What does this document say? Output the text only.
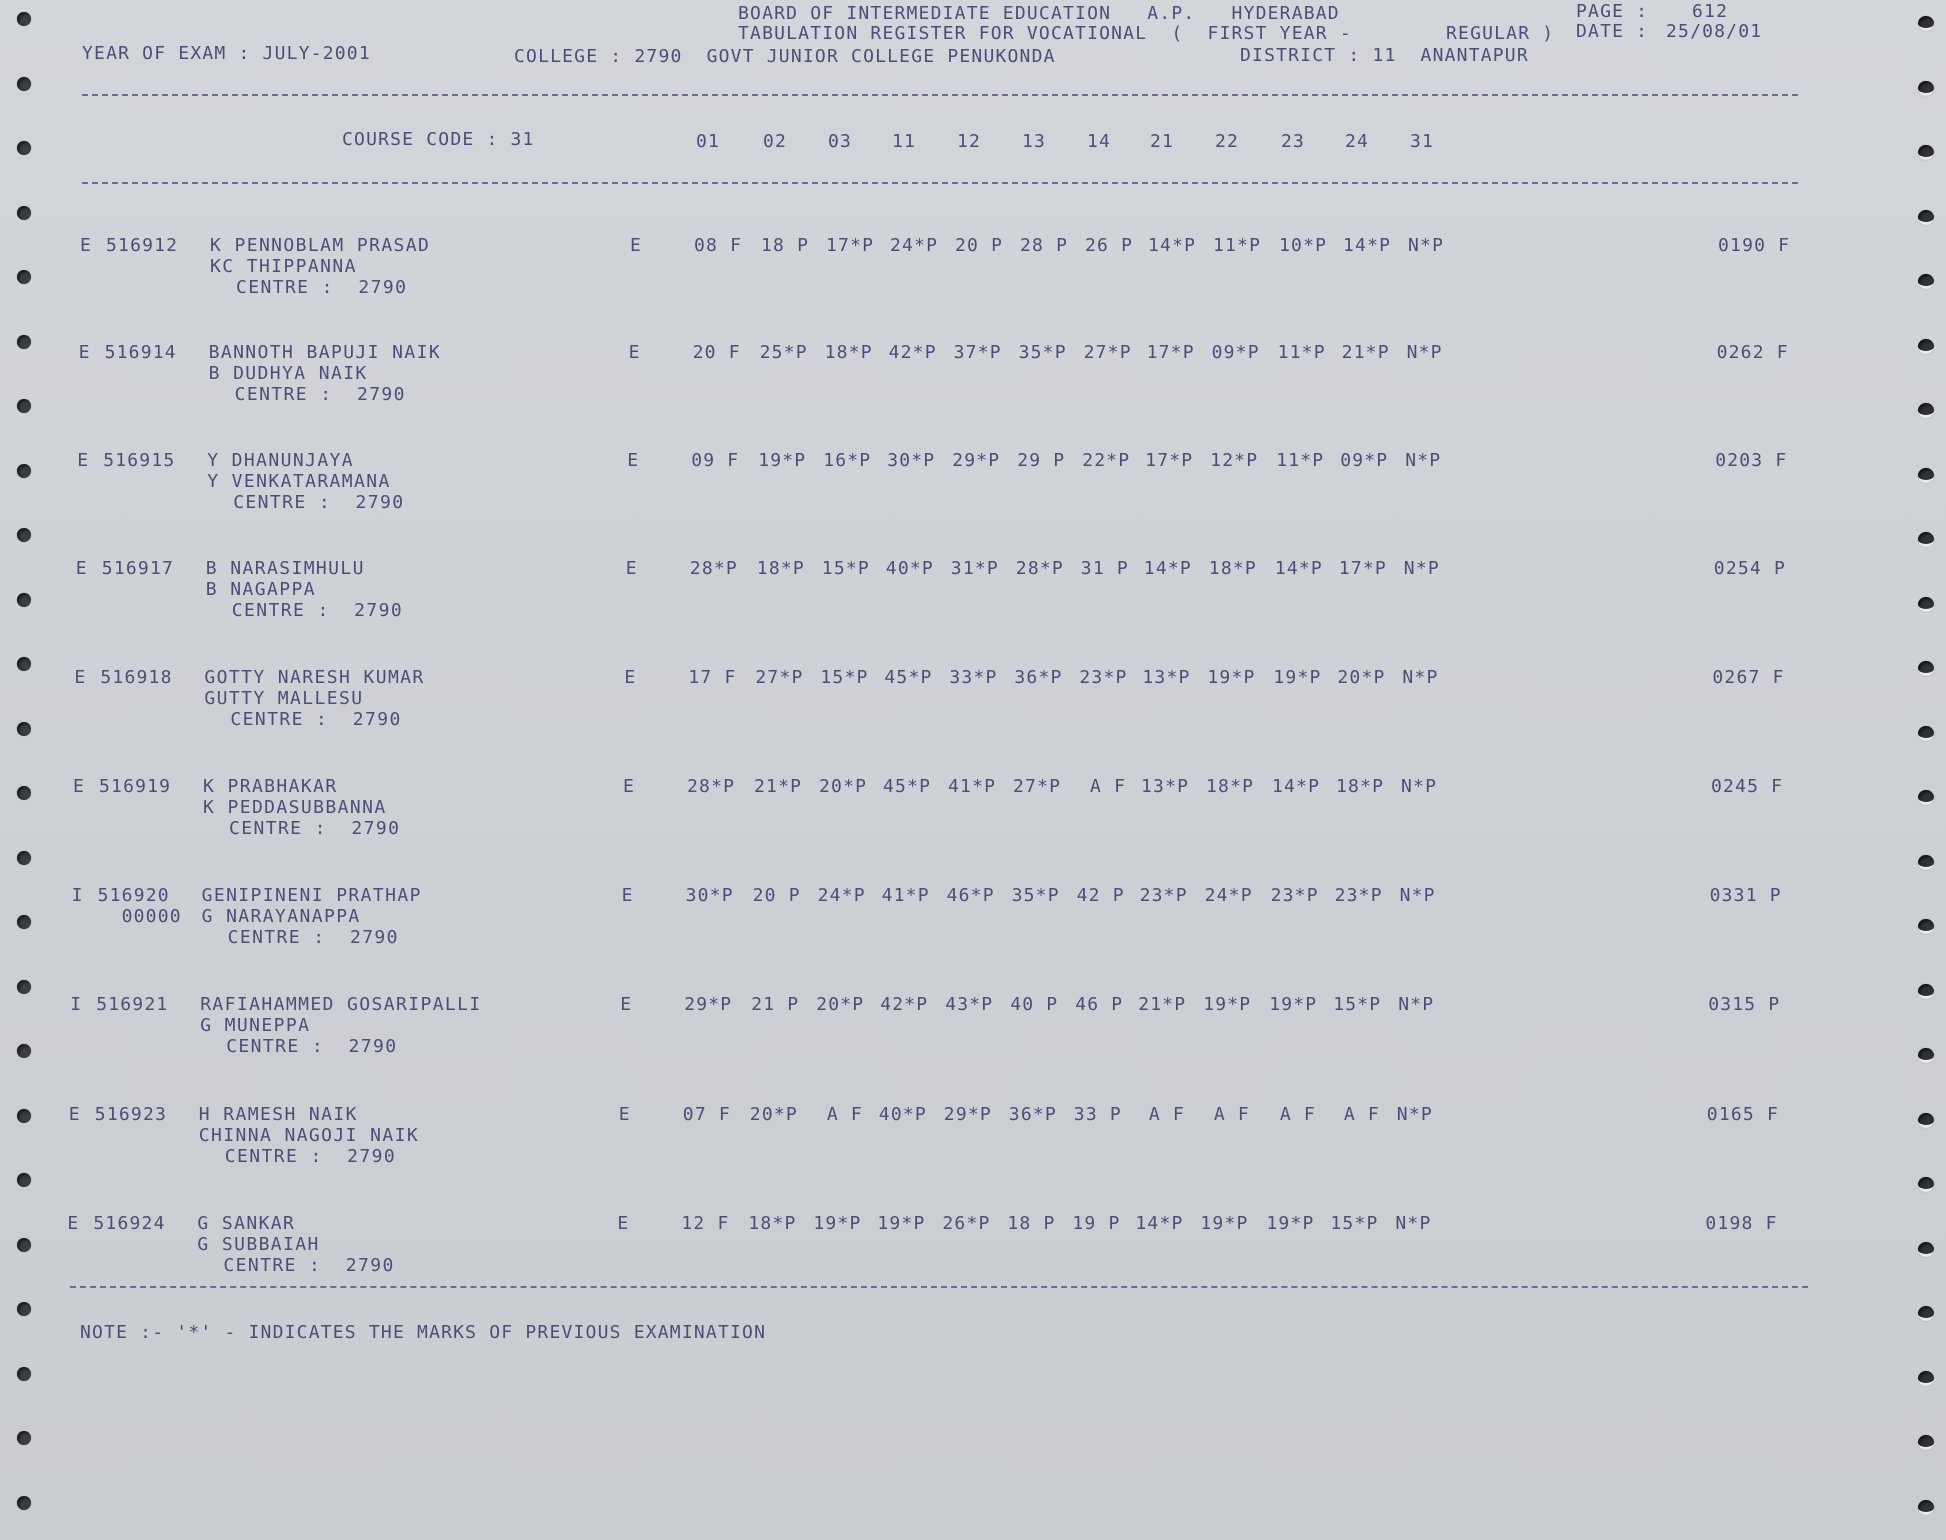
BOARD OF INTERMEDIATE EDUCATION   A.P.   HYDERABAD
TABULATION REGISTER FOR VOCATIONAL  (  FIRST YEAR -	REGULAR )
PAGE : 612
DATE : 25/08/01
YEAR OF EXAM : JULY-2001	COLLEGE : 2790  GOVT JUNIOR COLLEGE PENUKONDA	DISTRICT : 11  ANANTAPUR
COURSE CODE : 31	01 02 03 11 12 13 14 21 22 23 24 31
E 516912 K PENNOBLAM PRASAD
KC THIPPANNA
CENTRE :  2790
E	08 F 18 P 17*P 24*P 20 P 28 P 26 P 14*P 11*P 10*P 14*P N*P	0190 F
E 516914 BANNOTH BAPUJI NAIK
B DUDHYA NAIK
CENTRE :  2790
E	20 F 25*P 18*P 42*P 37*P 35*P 27*P 17*P 09*P 11*P 21*P N*P	0262 F
E 516915 Y DHANUNJAYA
Y VENKATARAMANA
CENTRE :  2790
E	09 F 19*P 16*P 30*P 29*P 29 P 22*P 17*P 12*P 11*P 09*P N*P	0203 F
E 516917 B NARASIMHULU
B NAGAPPA
CENTRE :  2790
E	28*P 18*P 15*P 40*P 31*P 28*P 31 P 14*P 18*P 14*P 17*P N*P	0254 P
E 516918 GOTTY NARESH KUMAR
GUTTY MALLESU
CENTRE :  2790
E	17 F 27*P 15*P 45*P 33*P 36*P 23*P 13*P 19*P 19*P 20*P N*P	0267 F
E 516919 K PRABHAKAR
K PEDDASUBBANNA
CENTRE :  2790
E	28*P 21*P 20*P 45*P 41*P 27*P A F 13*P 18*P 14*P 18*P N*P	0245 F
I 516920
00000
GENIPINENI PRATHAP
G NARAYANAPPA
CENTRE :  2790
E	30*P 20 P 24*P 41*P 46*P 35*P 42 P 23*P 24*P 23*P 23*P N*P	0331 P
I 516921 RAFIAHAMMED GOSARIPALLI
G MUNEPPA
CENTRE :  2790
E	29*P 21 P 20*P 42*P 43*P 40 P 46 P 21*P 19*P 19*P 15*P N*P	0315 P
E 516923 H RAMESH NAIK
CHINNA NAGOJI NAIK
CENTRE :  2790
E	07 F 20*P A F 40*P 29*P 36*P 33 P A F A F A F A F N*P	0165 F
E 516924 G SANKAR
G SUBBAIAH
CENTRE :  2790
E	12 F 18*P 19*P 19*P 26*P 18 P 19 P 14*P 19*P 19*P 15*P N*P	0198 F
NOTE :- '*' - INDICATES THE MARKS OF PREVIOUS EXAMINATION
